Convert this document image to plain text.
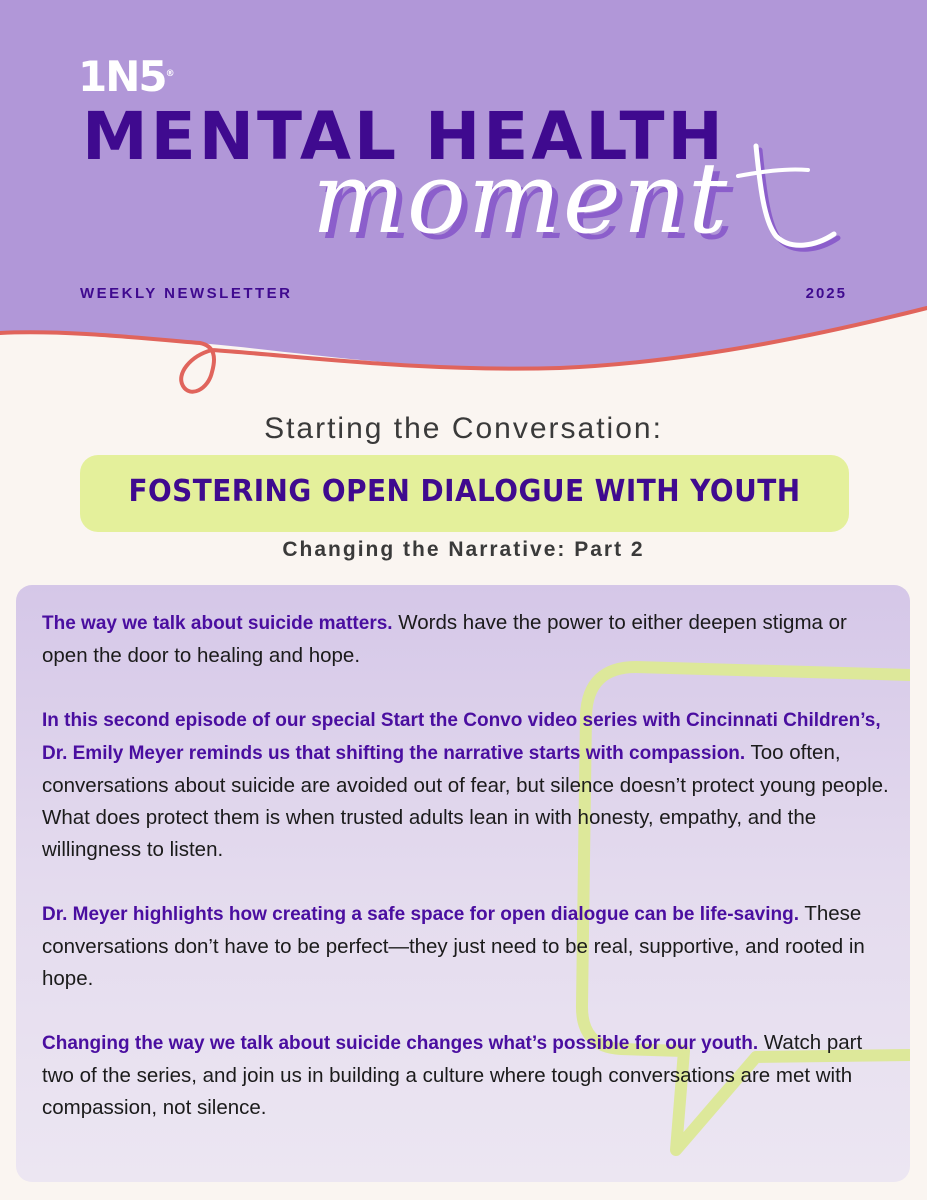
1N5®
MENTAL HEALTH
moment
WEEKLY NEWSLETTER	2025
Starting the Conversation:
FOSTERING OPEN DIALOGUE WITH YOUTH
Changing the Narrative: Part 2

The way we talk about suicide matters. Words have the power to either deepen stigma or open the door to healing and hope.

In this second episode of our special Start the Convo video series with Cincinnati Children’s, Dr. Emily Meyer reminds us that shifting the narrative starts with compassion. Too often, conversations about suicide are avoided out of fear, but silence doesn’t protect young people. What does protect them is when trusted adults lean in with honesty, empathy, and the willingness to listen.

Dr. Meyer highlights how creating a safe space for open dialogue can be life-saving. These conversations don’t have to be perfect—they just need to be real, supportive, and rooted in hope.

Changing the way we talk about suicide changes what’s possible for our youth. Watch part two of the series, and join us in building a culture where tough conversations are met with compassion, not silence.
